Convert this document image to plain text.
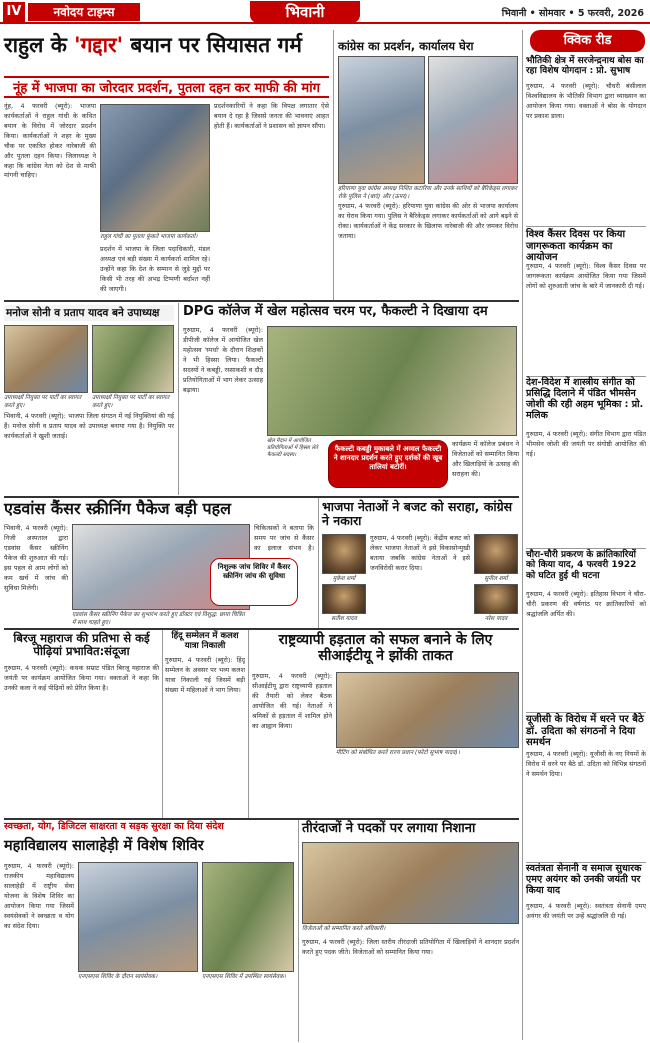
IV	नवोदय टाइम्स	भिवानी	भिवानी • सोमवार • 5 फरवरी, 2026
राहुल के 'गद्दार' बयान पर सियासत गर्म
नूंह में भाजपा का जोरदार प्रदर्शन, पुतला दहन कर माफी की मांग
नूंह, 4 फरवरी (ब्यूरो): भाजपा कार्यकर्ताओं ने राहुल गांधी के कथित बयान के विरोध में जोरदार प्रदर्शन किया। कार्यकर्ताओं ने शहर के मुख्य चौक पर एकत्रित होकर नारेबाजी की और पुतला दहन किया। जिलाध्यक्ष ने कहा कि कांग्रेस नेता को देश से माफी मांगनी चाहिए।
राहुल गांधी का पुतला फूंकते भाजपा कार्यकर्ता।
प्रदर्शन में भाजपा के जिला पदाधिकारी, मंडल अध्यक्ष एवं बड़ी संख्या में कार्यकर्ता शामिल रहे। उन्होंने कहा कि देश के सम्मान से जुड़े मुद्दों पर किसी भी तरह की अभद्र टिप्पणी बर्दाश्त नहीं की जाएगी।
प्रदर्शनकारियों ने कहा कि विपक्ष लगातार ऐसे बयान दे रहा है जिससे जनता की भावनाएं आहत होती हैं। कार्यकर्ताओं ने प्रशासन को ज्ञापन सौंपा।
कांग्रेस का प्रदर्शन, कार्यालय घेरा
हरियाणा युवा कांग्रेस अध्यक्ष निशित कटारिया और उनके साथियों को बैरिकेड्स लगाकर रोके पुलिस ने (बाएं) और (ऊपर)।
गुरुग्राम, 4 फरवरी (ब्यूरो): हरियाणा युवा कांग्रेस की ओर से भाजपा कार्यालय का घेराव किया गया। पुलिस ने बैरिकेड्स लगाकर कार्यकर्ताओं को आगे बढ़ने से रोका। कार्यकर्ताओं ने केंद्र सरकार के खिलाफ नारेबाजी की और जमकर विरोध जताया।
क्विक रीड
भौतिकी क्षेत्र में सरजेन्द्रनाथ बोस का रहा विशेष योगदान : प्रो. सुभाष
गुरुग्राम, 4 फरवरी (ब्यूरो): चौधरी बंसीलाल विश्वविद्यालय के भौतिकी विभाग द्वारा व्याख्यान का आयोजन किया गया। वक्ताओं ने बोस के योगदान पर प्रकाश डाला।
विश्व कैंसर दिवस पर किया जागरूकता कार्यक्रम का आयोजन
गुरुग्राम, 4 फरवरी (ब्यूरो): विश्व कैंसर दिवस पर जागरूकता कार्यक्रम आयोजित किया गया जिसमें लोगों को शुरुआती जांच के बारे में जानकारी दी गई।
देश-विदेश में शास्त्रीय संगीत को प्रसिद्धि दिलाने में पंडित भीमसेन जोशी की रही अहम भूमिका : प्रो. मलिक
गुरुग्राम, 4 फरवरी (ब्यूरो): संगीत विभाग द्वारा पंडित भीमसेन जोशी की जयंती पर संगोष्ठी आयोजित की गई।
चौरा-चौरी प्रकरण के क्रांतिकारियों को किया याद, 4 फरवरी 1922 को घटित हुई थी घटना
गुरुग्राम, 4 फरवरी (ब्यूरो): इतिहास विभाग ने चौरा-चौरी प्रकरण की वर्षगांठ पर क्रांतिकारियों को श्रद्धांजलि अर्पित की।
यूजीसी के विरोध में धरने पर बैठे डॉ. उदिता को संगठनों ने दिया समर्थन
गुरुग्राम, 4 फरवरी (ब्यूरो): यूजीसी के नए नियमों के विरोध में धरने पर बैठे डॉ. उदिता को विभिन्न संगठनों ने समर्थन दिया।
स्वतंत्रता सेनानी व समाज सुधारक एमए अयंगर को उनकी जयंती पर किया याद
गुरुग्राम, 4 फरवरी (ब्यूरो): स्वतंत्रता सेनानी एमए अयंगर की जयंती पर उन्हें श्रद्धांजलि दी गई।
मनोज सोनी व प्रताप यादव बने उपाध्यक्ष
उपाध्यक्षों नियुक्त पर पार्टी का स्वागत करते हुए।
उपाध्यक्षों नियुक्त पर पार्टी का स्वागत करते हुए।
भिवानी, 4 फरवरी (ब्यूरो): भाजपा जिला संगठन में नई नियुक्तियां की गई हैं। मनोज सोनी व प्रताप यादव को उपाध्यक्ष बनाया गया है। नियुक्ति पर कार्यकर्ताओं ने खुशी जताई।
DPG कॉलेज में खेल महोत्सव चरम पर, फैकल्टी ने दिखाया दम
गुरुग्राम, 4 फरवरी (ब्यूरो): डीपीजी कॉलेज में आयोजित खेल महोत्सव 'स्पर्धा' के दौरान शिक्षकों ने भी हिस्सा लिया। फैकल्टी सदस्यों ने कबड्डी, रस्साकशी व दौड़ प्रतियोगिताओं में भाग लेकर उत्साह बढ़ाया।
खेल मैदान में आयोजित प्रतियोगिताओं में हिस्सा लेते फैकल्टी सदस्य।
फैकल्टी कबड्डी मुकाबले में अव्वल फैकल्टी ने शानदार प्रदर्शन करते हुए दर्शकों की खूब तालियां बटोरीं।
कार्यक्रम में कॉलेज प्रबंधन ने विजेताओं को सम्मानित किया और खिलाड़ियों के उत्साह की सराहना की।
एडवांस कैंसर स्क्रीनिंग पैकेज बड़ी पहल
भिवानी, 4 फरवरी (ब्यूरो): निजी अस्पताल द्वारा एडवांस कैंसर स्क्रीनिंग पैकेज की शुरुआत की गई। इस पहल से आम लोगों को कम खर्च में जांच की सुविधा मिलेगी।
एडवांस कैंसर स्क्रीनिंग पैकेज का शुभारंभ करते हुए डॉक्टर एवं विशुद्ध: छाया चित्रित में साथ चाहते हुए।
निशुल्क जांच शिविर में कैंसर स्क्रीनिंग जांच की सुविधा
चिकित्सकों ने बताया कि समय पर जांच से कैंसर का इलाज संभव है।
भाजपा नेताओं ने बजट को सराहा, कांग्रेस ने नकारा
मुकेश शर्मा
गुरुग्राम, 4 फरवरी (ब्यूरो): केंद्रीय बजट को लेकर भाजपा नेताओं ने इसे विकासोन्मुखी बताया जबकि कांग्रेस नेताओं ने इसे जनविरोधी करार दिया।
सुनील शर्मा
सतीश यादव	नरेश यादव
बिरजू महाराज की प्रतिभा से कई पीढ़ियां प्रभावित:संदूजा
गुरुग्राम, 4 फरवरी (ब्यूरो): कथक सम्राट पंडित बिरजू महाराज की जयंती पर कार्यक्रम आयोजित किया गया। वक्ताओं ने कहा कि उनकी कला ने कई पीढ़ियों को प्रेरित किया है।
हिंदू सम्मेलन में कलश यात्रा निकाली
गुरुग्राम, 4 फरवरी (ब्यूरो): हिंदू सम्मेलन के अवसर पर भव्य कलश यात्रा निकाली गई जिसमें बड़ी संख्या में महिलाओं ने भाग लिया।
राष्ट्रव्यापी हड़ताल को सफल बनाने के लिए सीआईटीयू ने झोंकी ताकत
गुरुग्राम, 4 फरवरी (ब्यूरो): सीआईटीयू द्वारा राष्ट्रव्यापी हड़ताल की तैयारी को लेकर बैठक आयोजित की गई। नेताओं ने श्रमिकों से हड़ताल में शामिल होने का आह्वान किया।
मीटिंग को संबोधित करते राज्य प्रधान (फोटो सुभाष यादव)।
स्वच्छता, योग, डिजिटल साक्षरता व सड़क सुरक्षा का दिया संदेश
महाविद्यालय सालाहेड़ी में विशेष शिविर
गुरुग्राम, 4 फरवरी (ब्यूरो): राजकीय महाविद्यालय सालाहेड़ी में राष्ट्रीय सेवा योजना के विशेष शिविर का आयोजन किया गया जिसमें स्वयंसेवकों ने स्वच्छता व योग का संदेश दिया।
एनएसएस शिविर के दौरान स्वयंसेवक।	एनएसएस शिविर में उपस्थित स्वयंसेवक।
तीरंदाजों ने पदकों पर लगाया निशाना
विजेताओं को सम्मानित करते अधिकारी।
गुरुग्राम, 4 फरवरी (ब्यूरो): जिला स्तरीय तीरंदाजी प्रतियोगिता में खिलाड़ियों ने शानदार प्रदर्शन करते हुए पदक जीते। विजेताओं को सम्मानित किया गया।
